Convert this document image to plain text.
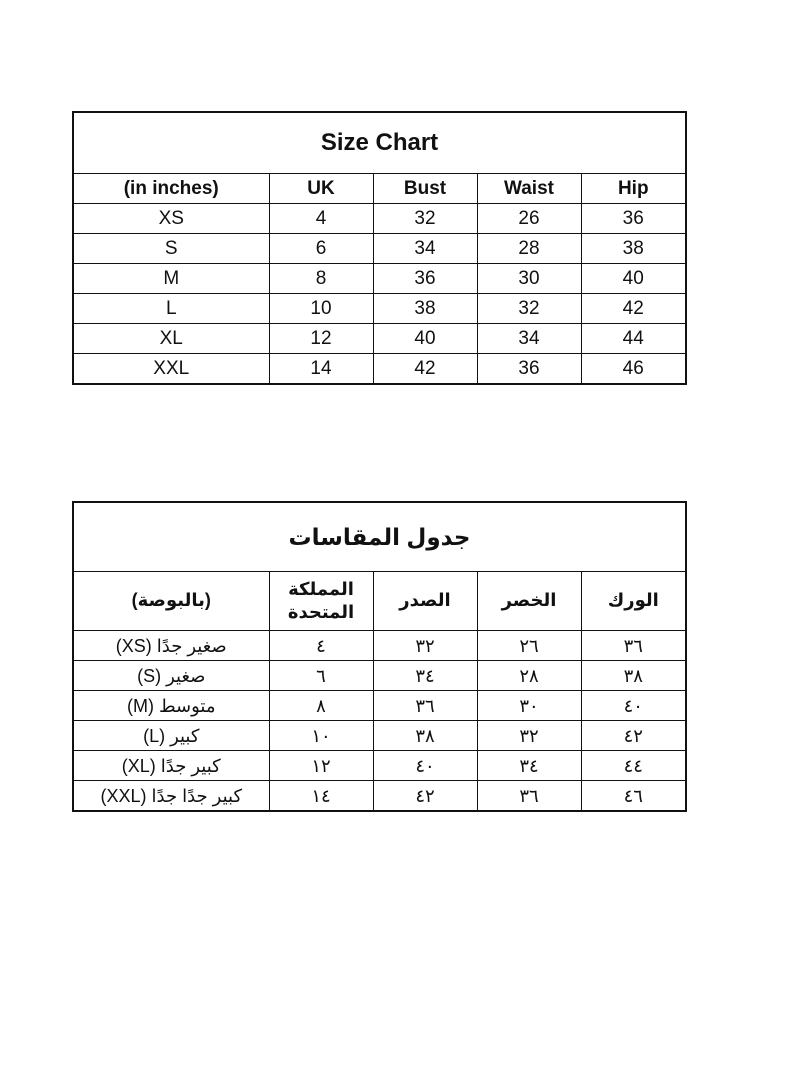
Size Chart				
(in inches)	UK	Bust	Waist	Hip
XS	4	32	26	36
S	6	34	28	38
M	8	36	30	40
L	10	38	32	42
XL	12	40	34	44
XXL	14	42	36	46
جدول المقاسات				
(بالبوصة)	المملكة المتحدة	الصدر	الخصر	الورك
صغير جدًا (XS)	٤	٣٢	٢٦	٣٦
صغير (S)	٦	٣٤	٢٨	٣٨
متوسط (M)	٨	٣٦	٣٠	٤٠
كبير (L)	١٠	٣٨	٣٢	٤٢
كبير جدًا (XL)	١٢	٤٠	٣٤	٤٤
كبير جدًا جدًا (XXL)	١٤	٤٢	٣٦	٤٦
